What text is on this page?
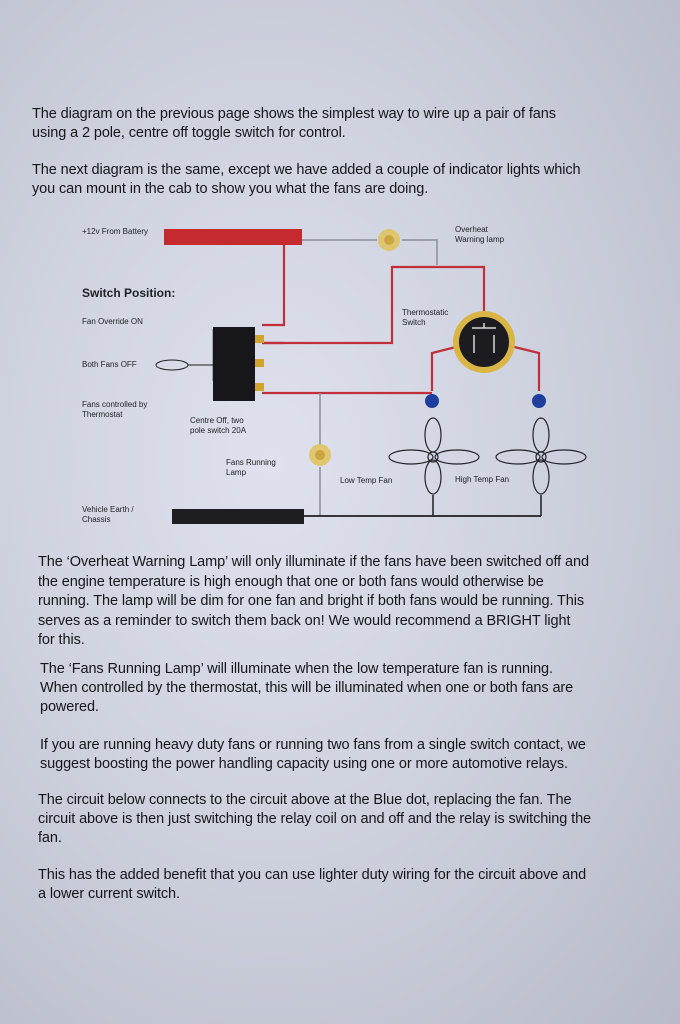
The diagram on the previous page shows the simplest way to wire up a pair of fans
using a 2 pole, centre off toggle switch for control.

The next diagram is the same, except we have added a couple of indicator lights which
you can mount in the cab to show you what the fans are doing.

+12v From Battery	Overheat
Warning lamp
Switch Position:
Fan Override ON
Both Fans OFF
Fans controlled by
Thermostat
Thermostatic
Switch
Centre Off, two
pole switch 20A
Fans Running
Lamp
Low Temp Fan	High Temp Fan
Vehicle Earth /
Chassis

The ‘Overheat Warning Lamp’ will only illuminate if the fans have been switched off and
the engine temperature is high enough that one or both fans would otherwise be
running. The lamp will be dim for one fan and bright if both fans would be running. This
serves as a reminder to switch them back on! We would recommend a BRIGHT light
for this.

The ‘Fans Running Lamp’ will illuminate when the low temperature fan is running.
When controlled by the thermostat, this will be illuminated when one or both fans are
powered.

If you are running heavy duty fans or running two fans from a single switch contact, we
suggest boosting the power handling capacity using one or more automotive relays.

The circuit below connects to the circuit above at the Blue dot, replacing the fan. The
circuit above is then just switching the relay coil on and off and the relay is switching the
fan.

This has the added benefit that you can use lighter duty wiring for the circuit above and
a lower current switch.
